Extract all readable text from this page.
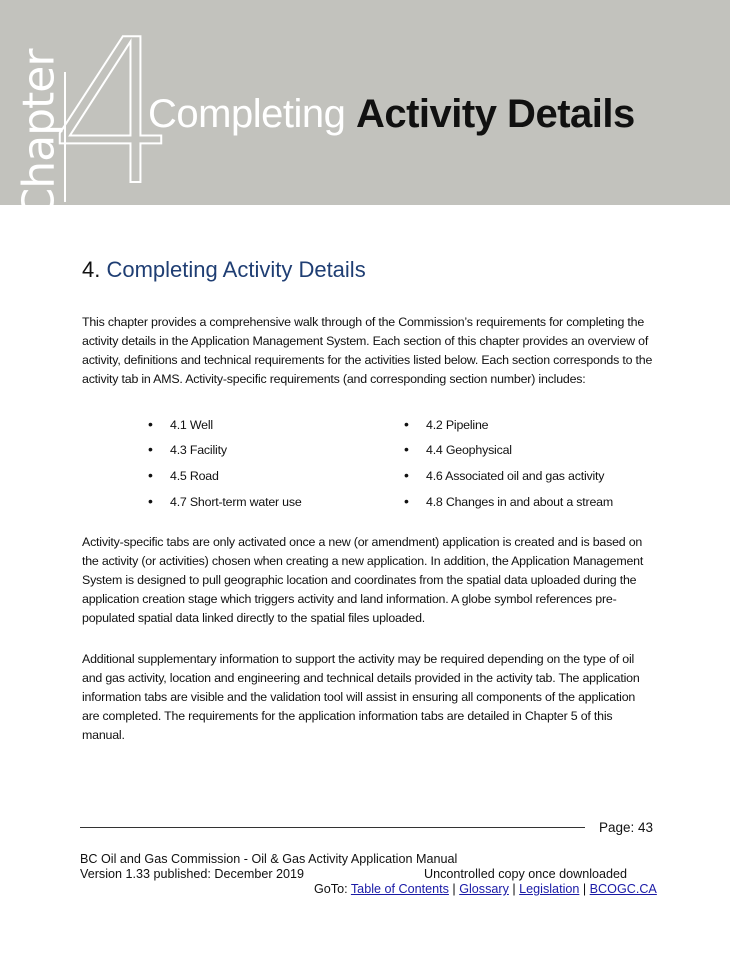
Chapter
4
Completing Activity Details
4. Completing Activity Details
This chapter provides a comprehensive walk through of the Commission’s requirements for completing the activity details in the Application Management System. Each section of this chapter provides an overview of activity, definitions and technical requirements for the activities listed below. Each section corresponds to the activity tab in AMS. Activity-specific requirements (and corresponding section number) includes:
• 4.1 Well	• 4.2 Pipeline
• 4.3 Facility	• 4.4 Geophysical
• 4.5 Road	• 4.6 Associated oil and gas activity
• 4.7 Short-term water use	• 4.8 Changes in and about a stream
Activity-specific tabs are only activated once a new (or amendment) application is created and is based on the activity (or activities) chosen when creating a new application. In addition, the Application Management System is designed to pull geographic location and coordinates from the spatial data uploaded during the application creation stage which triggers activity and land information. A globe symbol references pre-populated spatial data linked directly to the spatial files uploaded.
Additional supplementary information to support the activity may be required depending on the type of oil and gas activity, location and engineering and technical details provided in the activity tab. The application information tabs are visible and the validation tool will assist in ensuring all components of the application are completed. The requirements for the application information tabs are detailed in Chapter 5 of this manual.
Page: 43
BC Oil and Gas Commission - Oil & Gas Activity Application Manual
Version 1.33 published: December 2019	Uncontrolled copy once downloaded
GoTo: Table of Contents | Glossary | Legislation | BCOGC.CA
